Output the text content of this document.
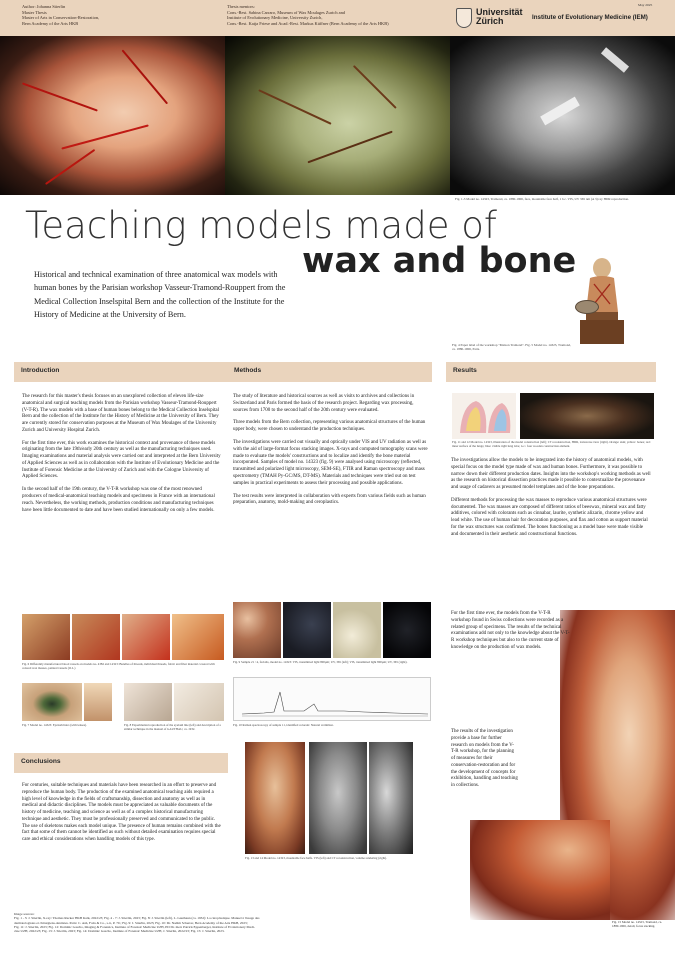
Author: Johanna Stierlin
Master Thesis
Master of Arts in Conservation-Restoration,
Bern Academy of the Arts HKB
Thesis mentors:
Cons.-Rest. Sabina Carraro, Museum of Wax Moulages Zurich and
Institute of Evolutionary Medicine, University Zurich,
Cons.-Rest. Katja Friese and Acad.-Rest. Markus Küffner (Bern Academy of the Arts HKB)
Universität
Zürich	Institute of Evolutionary Medicine (IEM)
May 2025
Fig. 1-3 Model no. 14323, Tramond, ca. 1880-1906, face, mountable face half, 1 b.c. VIS, UV 365 nm (A 3) ray HDR reproduction.
Teaching models made of
wax and bone
Historical and technical examination of three anatomical wax models with human bones by the Parisian workshop Vasseur-Tramond-Rouppert from the Medical Collection Inselspital Bern and the collection of the Institute for the History of Medicine at the University of Bern.
Fig. 4 Paper label of the workshop "Maison Tramond". Fig. 5 Model no. 14323, Tramond, ca. 1880-1906, Paris.
Introduction	Methods	Results

The research for this master's thesis focuses on an unexplored collection of eleven life-size anatomical and surgical teaching models from the Parisian workshop Vasseur-Tramond-Rouppert (V-T-R). The wax models with a base of human bones belong to the Medical Collection Inselspital Bern and the collection of the Institute for the History of Medicine at the University of Bern. They are currently stored for conservation purposes at the Museum of Wax Moulages of the University Zurich and University Hospital Zurich.

For the first time ever, this work examines the historical context and provenance of these models originating from the late 19th/early 20th century as well as the manufacturing techniques used. Imaging examinations and material analysis were carried out and interpreted at the Bern University of Applied Sciences as well as in collaboration with the Institute of Evolutionary Medicine and the Institute of Forensic Medicine at the University of Zurich and with the Cologne University of Applied Sciences.

In the second half of the 19th century, the V-T-R workshop was one of the most renowned producers of medical-anatomical teaching models and specimens in France with an international reach. Nevertheless, the working methods, production conditions and manufacturing techniques have been little documented to date and have been studied internationally on only a few models.

Fig. 6 Differently manufactured blood vessels on models no. 4382 and 14323: Bundles of threads, individual threads, fabric and fiber material covered with colored wax masses, painted vessels (O.L.)
Fig. 7 Model no. 14323: Eyelash hairs (with lenses).	Fig. 8 Experimental reproduction of the eyelash line (left) and description of a similar technique in the manual of GAUTHAU, ca. 1932.
Conclusions

For centuries, suitable techniques and materials have been researched in an effort to preserve and reproduce the human body. The production of the examined anatomical teaching aids required a high level of knowledge in the fields of craftsmanship, dissection and anatomy as well as in medical and didactic disciplines. The models must be appreciated as valuable documents of the history of medicine, teaching and science as well as of a complex historical manufacturing technique and aesthetic. They must be professionally preserved and communicated to the public. The use of skeletons makes each model unique. The presence of human remains combined with the fact that some of them cannot be identified as such without detailed examination requires special care and ethical considerations when handling models of this type.

The study of literature and historical sources as well as visits to archives and collections in Switzerland and Paris formed the basis of the research project. Regarding wax processing, sources from 1700 to the second half of the 20th century were evaluated.

Three models from the Bern collection, representing various anatomical structures of the human upper body, were chosen to understand the production techniques.

The investigations were carried out visually and optically under VIS and UV radiation as well as with the aid of large-format focus stacking images. X-rays and computed tomography scans were made to evaluate the models' constructions and to localize and identify the bone material incorporated. Samples of model no. 14323 (fig. 9) were analysed using microscopy (reflected, transmitted and polarized light microscopy, SEM-SE), FTIR and Raman spectroscopy and mass spectrometry (TMAH Py-GC/MS, DT-MS). Materials and techniques were tried out on test samples in practical experiments to assess their processing and possible applications.

The test results were interpreted in collaboration with experts from various fields such as human preparation, anatomy, mold-making and ceroplastics.

Fig. 9 Sample 21 / 4, facialis, model no. 14323: VIS, transmitted light 800µm; UV, 365 (left); VIS, transmitted light 800µm; UV, 365 (right).
Fig. 10 Raman spectroscopy of sample 11, identified colorant: Natural vermilion.
Fig. 13 and 14 Model no. 14323, mountable face halfs. VIS (left) and CT reconstruction, volume rendering (right).
Fig. 11 and 12 Model no. 14323, illustration of the model construction (left); CT reconstruction, HDR, transverse view (right). Orange: skin; yellow: bones; red: inner surface of the lungs; blue: visible right lung lobe; n.c.: four wooden construction element.

The investigations allow the models to be integrated into the history of anatomical models, with special focus on the model type made of wax and human bones. Furthermore, it was possible to narrow down their different production dates. Insights into the workshop's working methods as well as the research on historical dissection practices made it possible to contextualize the provenance and usage of cadavers as presumed model templates and of the bone preparations.

Different methods for processing the wax masses to reproduce various anatomical structures were documented. The wax masses are composed of different ratios of beeswax, mineral wax and fatty additives, colored with colorants such as cinnabar, laurite, synthetic alizarin, chrome yellow and lead white. The use of human hair for decoration purposes, and flax and cotton as support material for the wax structures was confirmed. The bones functioning as a model base were made visible and documented in their aesthetic and constructional functions.

For the first time ever, the models from the V-T-R workshop found in Swiss collections were recorded as a related group of specimens. The results of the technical examinations add not only to the knowledge about the V-T-R workshop techniques but also to the current state of knowledge on the production of wax models.

The results of the investigation provide a base for further research on models from the V-T-R workshop, for the planning of measures for their conservation-restoration and for the development of concepts for exhibition, handling and teaching in collections.

Image sources:
Fig. 1 - 3: J. Stierlin, X-ray: Thomas Rucker HKB Kalk, 2022/23; Fig. 4 - 7: J. Stierlin, 2023; Fig. 8: J. Stierlin (left), L. Gauthaun (ca. 1932): La céroplastique. Manuel à l'usage des
dermatologistes et chirurgiens-dentistes. Paris: C. Ash, Fotis & Co., s.d., P. 70.; Fig. 9: J. Stierlin, 2023; Fig. 10: Dr. Nadim Scherrer, Bern Academy of the Arts HKB, 2023;
Fig. 11: J. Stierlin, 2023; Fig. 12: Dominic Gascho, Imaging & Forensics, Institute of Forensic Medicine UZH, PD Dr. med. Patrick Eppenberger, Institute of Evolutionary Medi-
cine UZH, 2022/23; Fig. 13: J. Stierlin, 2023; Fig. 14: Dominic Gascho, Institute of Forensic Medicine UZH, J. Stierlin, 2022/23; Fig. 15: J. Stierlin, 2023.
Fig. 15 Model no. 14323, Tramond, ca. 1880-1906, detail, focus stacking.
